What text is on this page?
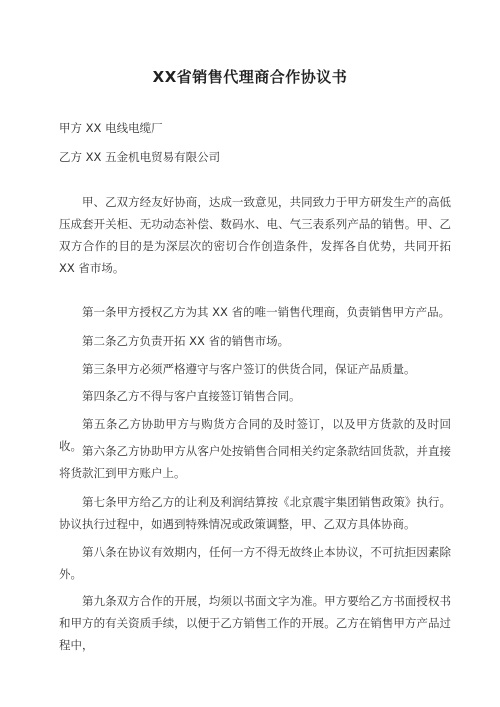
XX省销售代理商合作协议书
甲方 XX 电线电缆厂
乙方 XX 五金机电贸易有限公司

甲、乙双方经友好协商，达成一致意见，共同致力于甲方研发生产的高低压成套开关柜、无功动态补偿、数码水、电、气三表系列产品的销售。甲、乙双方合作的目的是为深层次的密切合作创造条件，发挥各自优势，共同开拓 XX 省市场。

第一条甲方授权乙方为其 XX 省的唯一销售代理商，负责销售甲方产品。

第二条乙方负责开拓 XX 省的销售市场。

第三条甲方必须严格遵守与客户签订的供货合同，保证产品质量。

第四条乙方不得与客户直接签订销售合同。

第五条乙方协助甲方与购货方合同的及时签订，以及甲方货款的及时回收。 第六条乙方协助甲方从客户处按销售合同相关约定条款结回货款，并直接将货款汇到甲方账户上。

第七条甲方给乙方的让利及利润结算按《北京震宇集团销售政策》执行。协议执行过程中，如遇到特殊情况或政策调整，甲、乙双方具体协商。

第八条在协议有效期内，任何一方不得无故终止本协议，不可抗拒因素除外。

第九条双方合作的开展，均须以书面文字为准。甲方要给乙方书面授权书和甲方的有关资质手续，以便于乙方销售工作的开展。乙方在销售甲方产品过程中，
